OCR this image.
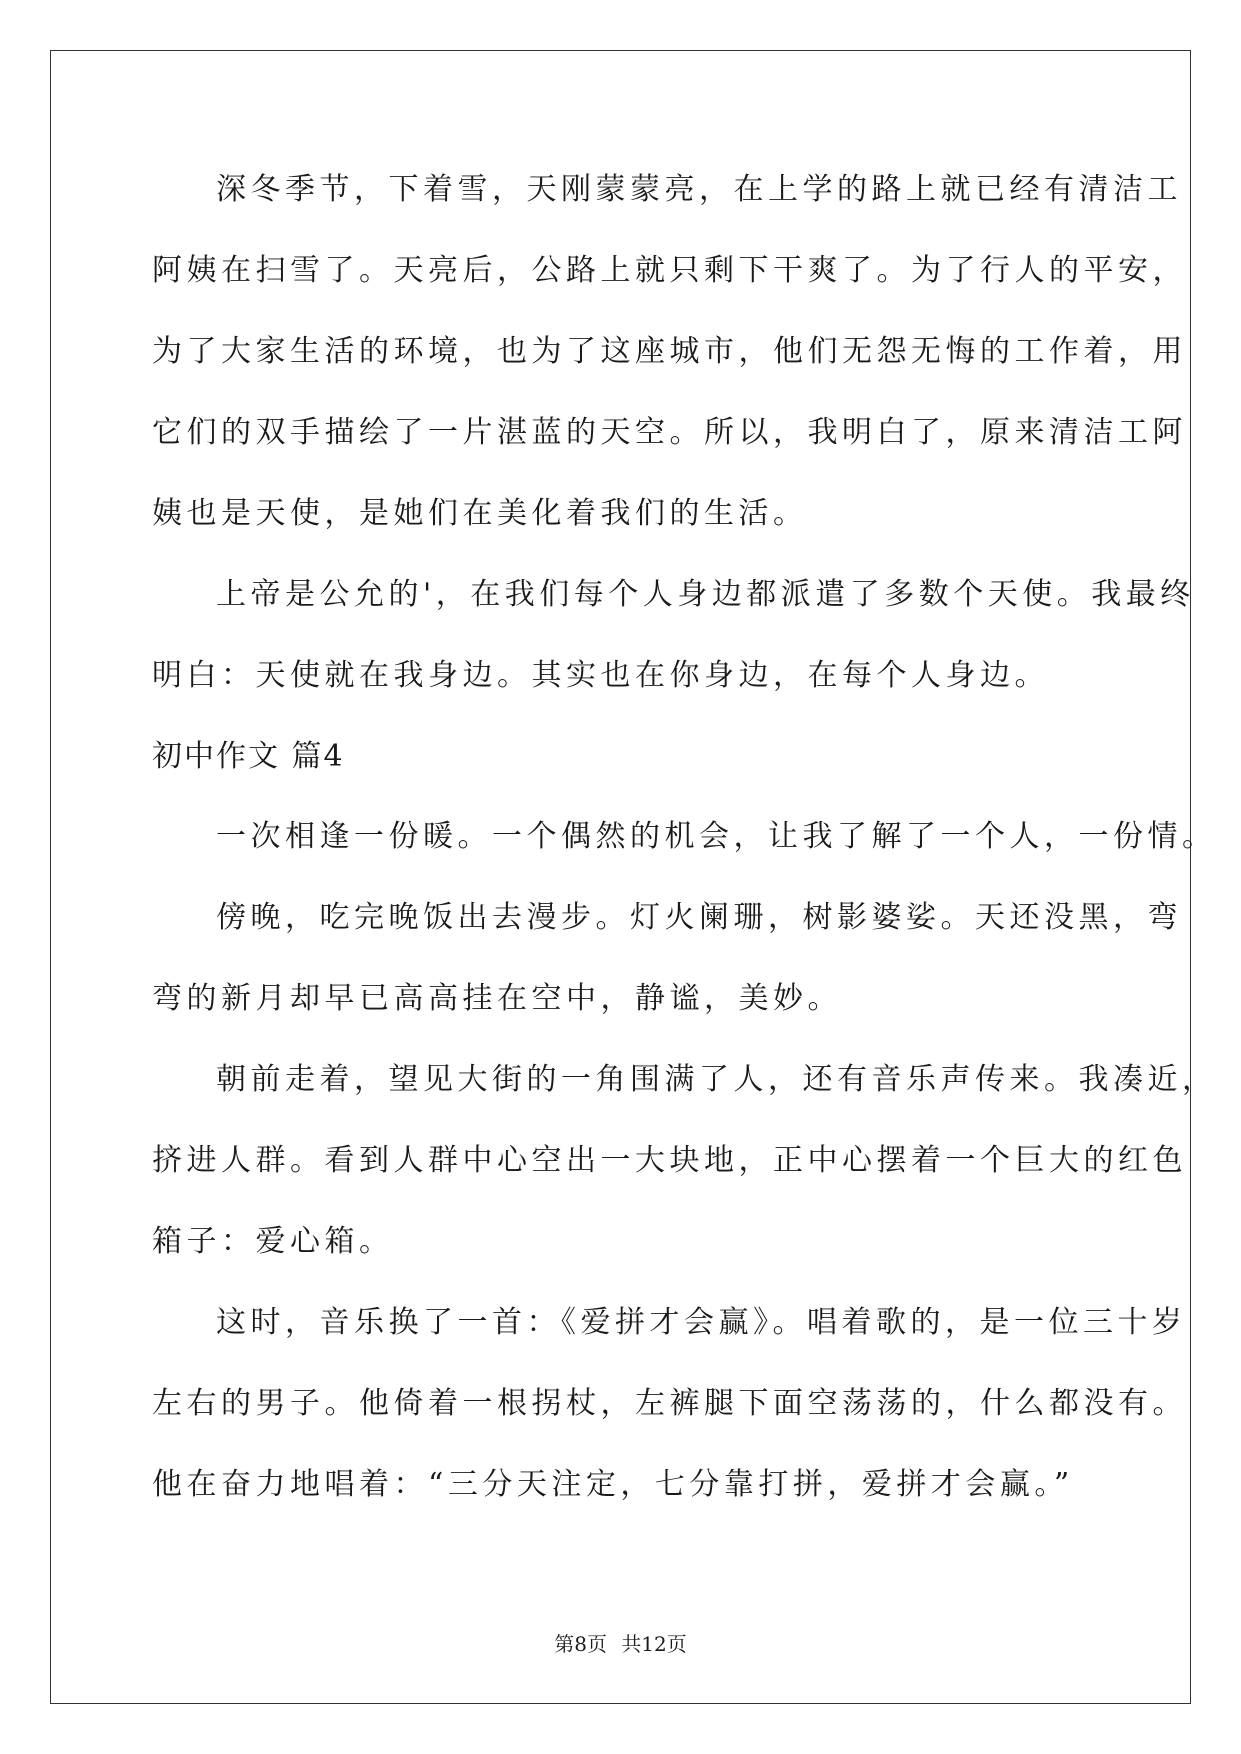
深冬季节，下着雪，天刚蒙蒙亮，在上学的路上就已经有清洁工
阿姨在扫雪了。天亮后，公路上就只剩下干爽了。为了行人的平安，
为了大家生活的环境，也为了这座城市，他们无怨无悔的工作着，用
它们的双手描绘了一片湛蓝的天空。所以，我明白了，原来清洁工阿
姨也是天使，是她们在美化着我们的生活。
上帝是公允的'，在我们每个人身边都派遣了多数个天使。我最终
明白：天使就在我身边。其实也在你身边，在每个人身边。
初中作文 篇4
一次相逢一份暖。一个偶然的机会，让我了解了一个人，一份情。
傍晚，吃完晚饭出去漫步。灯火阑珊，树影婆娑。天还没黑，弯
弯的新月却早已高高挂在空中，静谧，美妙。
朝前走着，望见大街的一角围满了人，还有音乐声传来。我凑近，
挤进人群。看到人群中心空出一大块地，正中心摆着一个巨大的红色
箱子：爱心箱。
这时，音乐换了一首：《爱拼才会赢》。唱着歌的，是一位三十岁
左右的男子。他倚着一根拐杖，左裤腿下面空荡荡的，什么都没有。
他在奋力地唱着：“三分天注定，七分靠打拼，爱拼才会赢。”
第8页 共12页
